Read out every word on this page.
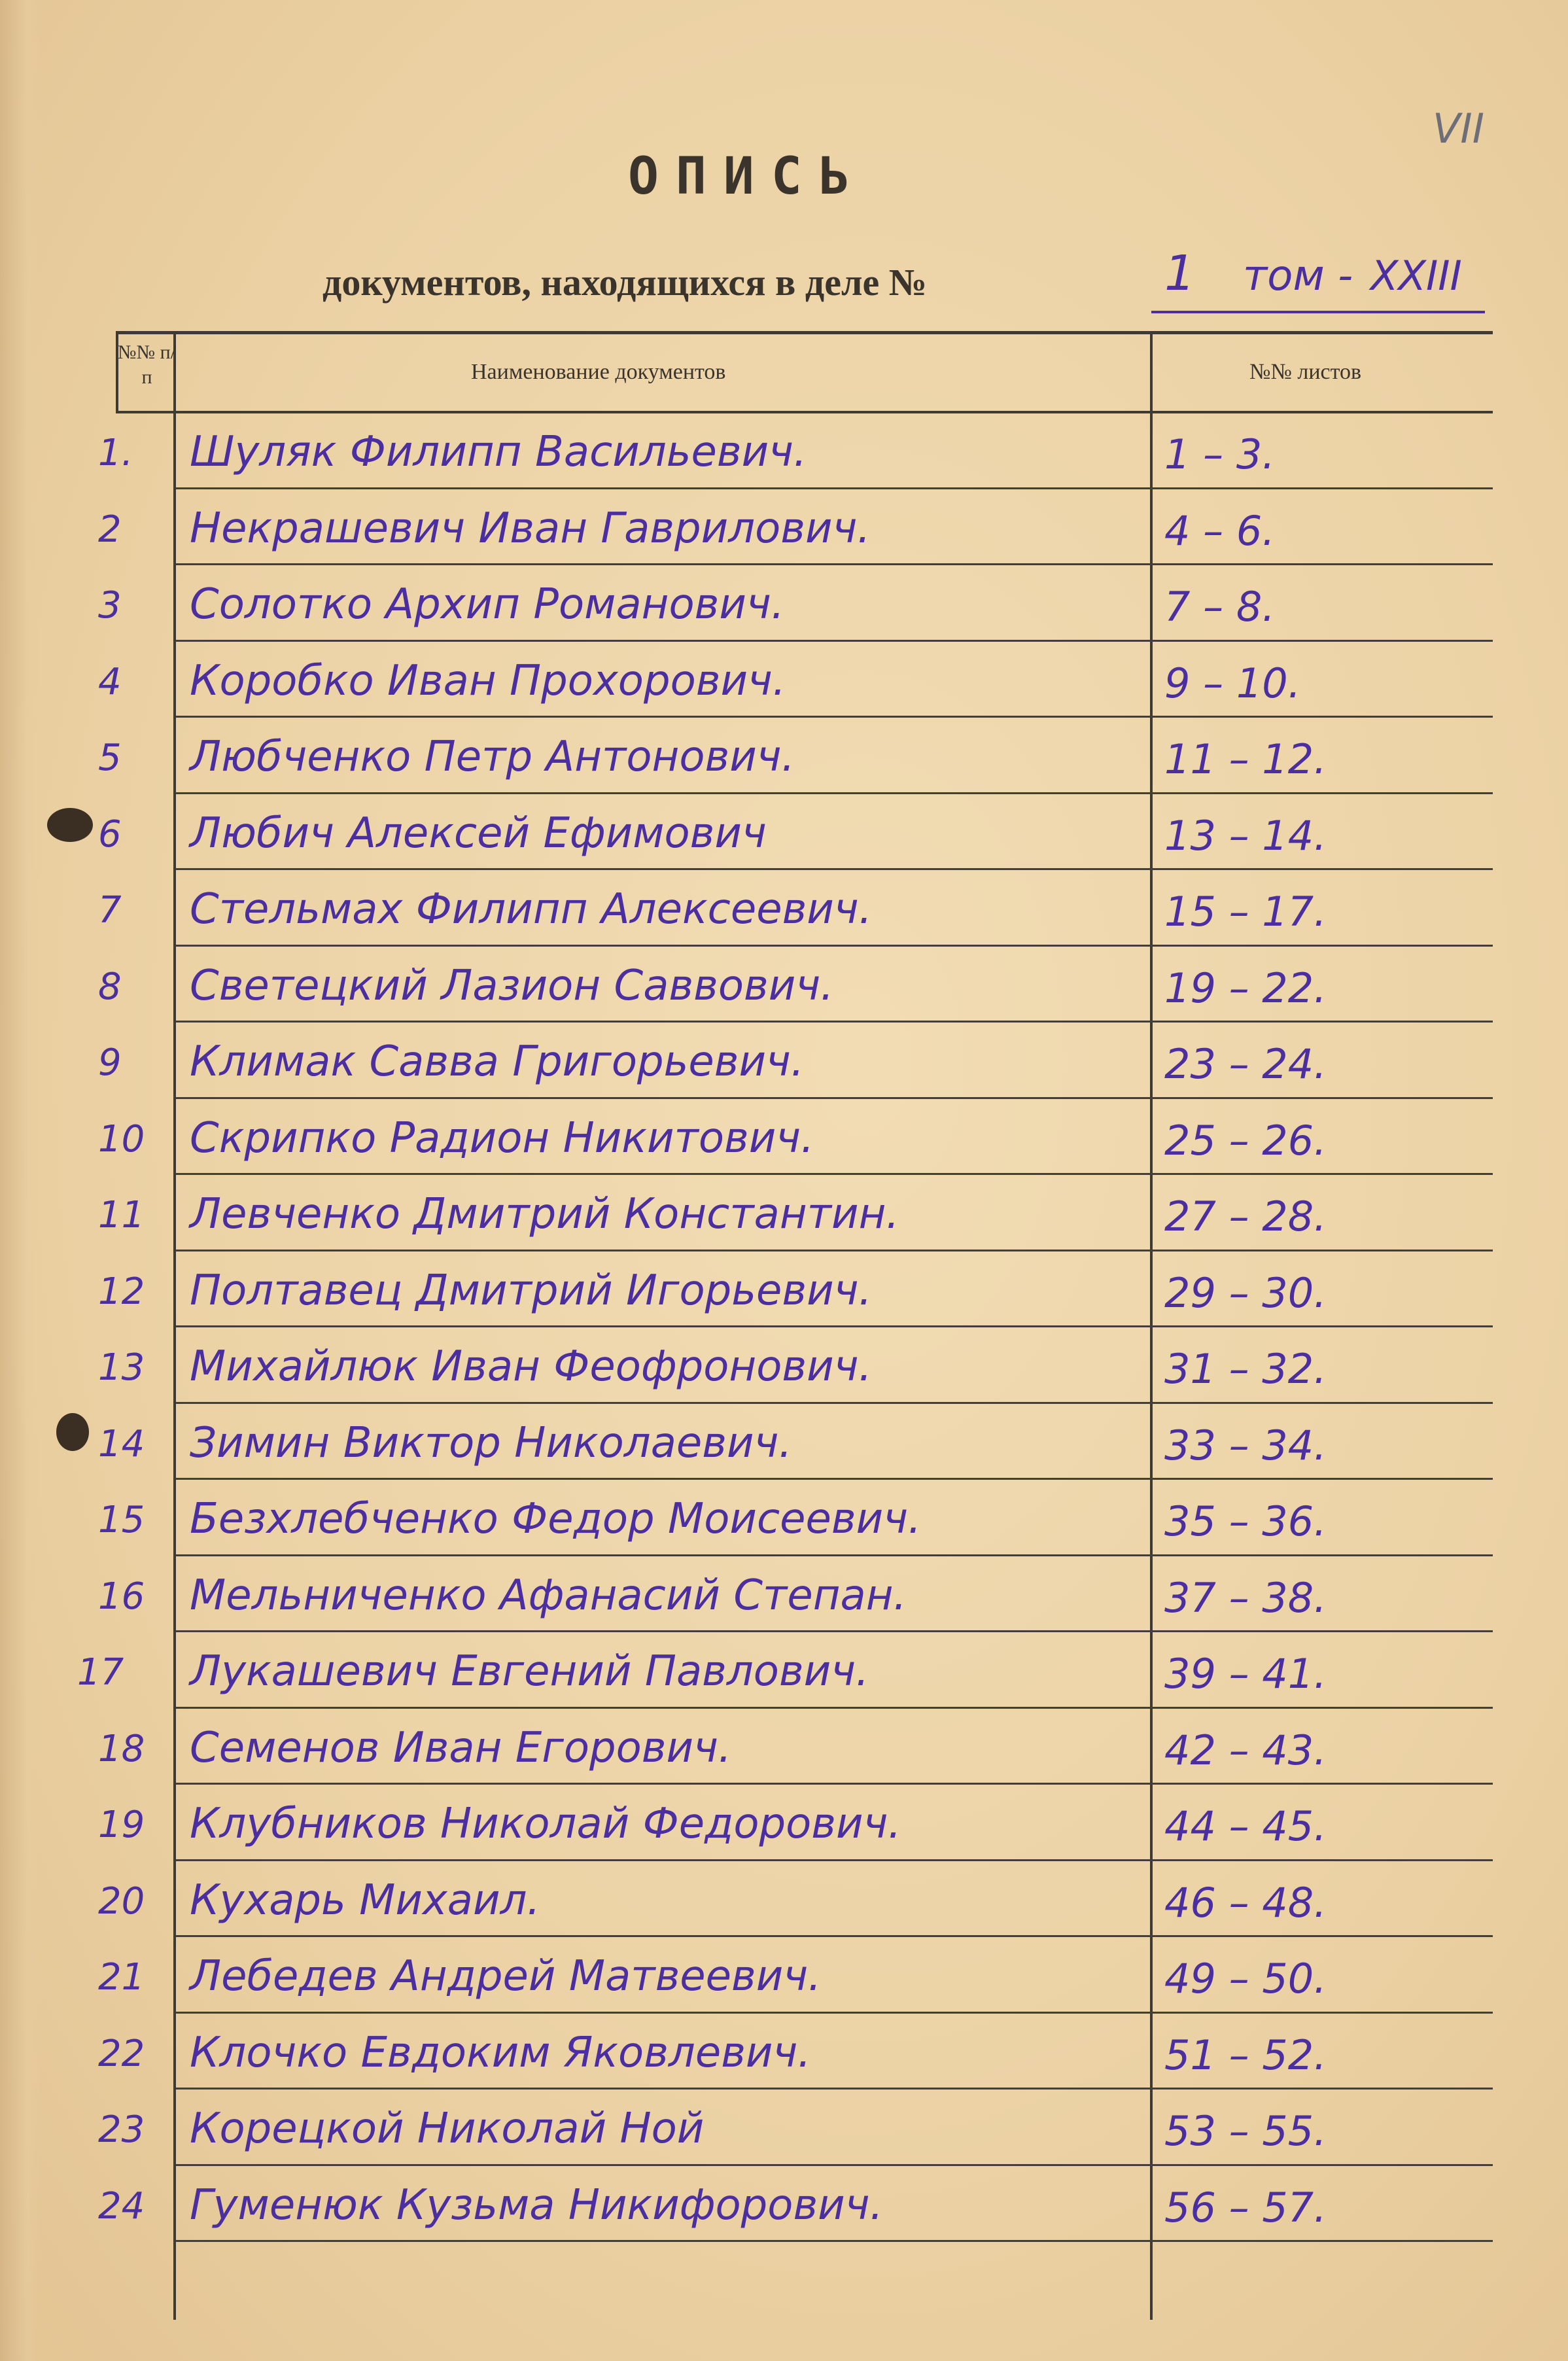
VII
ОПИСЬ
документов, находящихся в деле №	1 том - XXIII
№№ п/п	Наименование документов	№№ листов
1. Шуляк Филипп Васильевич.	1 – 3.
2 Некрашевич Иван Гаврилович.	4 – 6.
3 Солотко Архип Романович.	7 – 8.
4 Коробко Иван Прохорович.	9 – 10.
5 Любченко Петр Антонович.	11 – 12.
6 Любич Алексей Ефимович	13 – 14.
7 Стельмах Филипп Алексеевич.	15 – 17.
8 Светецкий Лазион Саввович.	19 – 22.
9 Климак Савва Григорьевич.	23 – 24.
10 Скрипко Радион Никитович.	25 – 26.
11 Левченко Дмитрий Константин.	27 – 28.
12 Полтавец Дмитрий Игорьевич.	29 – 30.
13 Михайлюк Иван Феофронович.	31 – 32.
14 Зимин Виктор Николаевич.	33 – 34.
15 Безхлебченко Федор Моисеевич.	35 – 36.
16 Мельниченко Афанасий Степан.	37 – 38.
17 Лукашевич Евгений Павлович.	39 – 41.
18 Семенов Иван Егорович.	42 – 43.
19 Клубников Николай Федорович.	44 – 45.
20 Кухарь Михаил.	46 – 48.
21 Лебедев Андрей Матвеевич.	49 – 50.
22 Клочко Евдоким Яковлевич.	51 – 52.
23 Корецкой Николай Ной	53 – 55.
24 Гуменюк Кузьма Никифорович.	56 – 57.
